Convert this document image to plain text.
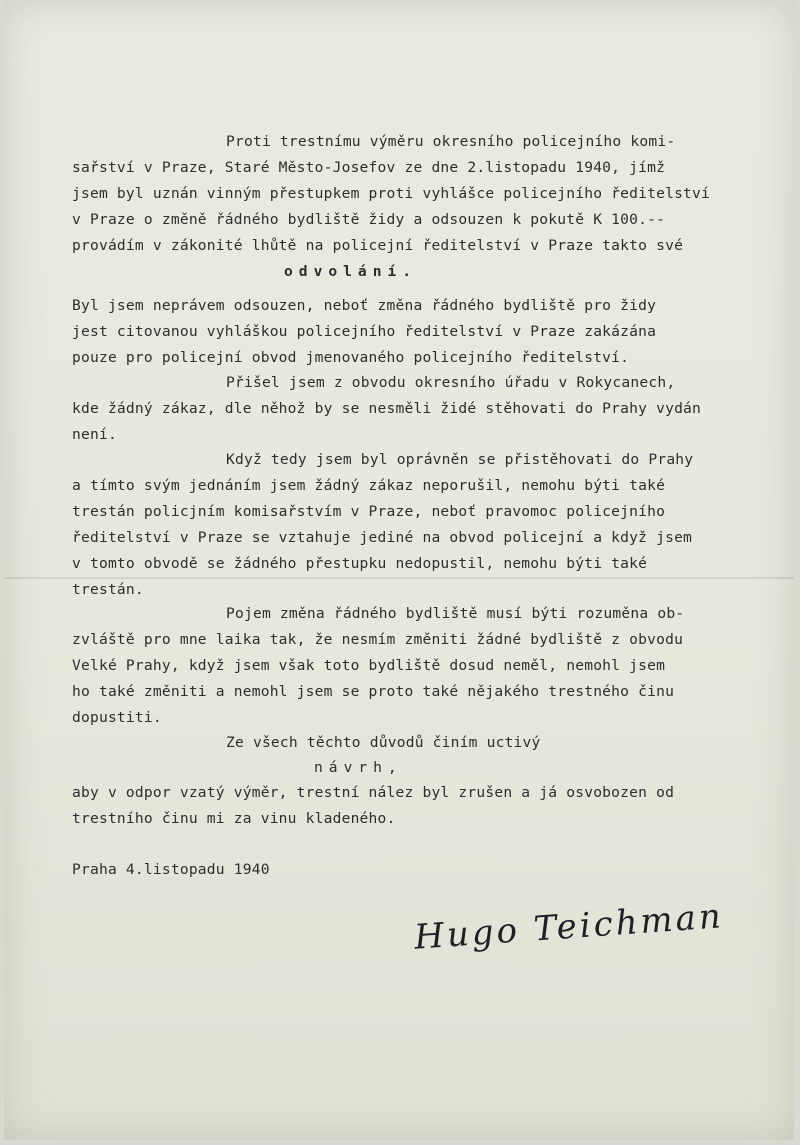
Proti trestnímu výměru okresního policejního komi-
sařství v Praze, Staré Město-Josefov ze dne 2.listopadu 1940, jímž
jsem byl uznán vinným přestupkem proti vyhlášce policejního ředitelství
v Praze o změně řádného bydliště židy a odsouzen k pokutě K 100.--
provádím v zákonité lhůtě na policejní ředitelství v Praze takto své
odvolání.
Byl jsem neprávem odsouzen, neboť změna řádného bydliště pro židy
jest citovanou vyhláškou policejního ředitelství v Praze zakázána
pouze pro policejní obvod jmenovaného policejního ředitelství.
Přišel jsem z obvodu okresního úřadu v Rokycanech,
kde žádný zákaz, dle něhož by se nesměli židé stěhovati do Prahy vydán
není.
Když tedy jsem byl oprávněn se přistěhovati do Prahy
a tímto svým jednáním jsem žádný zákaz neporušil, nemohu býti také
trestán policjním komisařstvím v Praze, neboť pravomoc policejního
ředitelství v Praze se vztahuje jediné na obvod policejní a když jsem
v tomto obvodě se žádného přestupku nedopustil, nemohu býti také
trestán.
Pojem změna řádného bydliště musí býti rozuměna ob-
zvláště pro mne laika tak, že nesmím změniti žádné bydliště z obvodu
Velké Prahy, když jsem však toto bydliště dosud neměl, nemohl jsem
ho také změniti a nemohl jsem se proto také nějakého trestného činu
dopustiti.
Ze všech těchto důvodů činím uctivý
návrh,
aby v odpor vzatý výměr, trestní nález byl zrušen a já osvobozen od
trestního činu mi za vinu kladeného.
Praha 4.listopadu 1940
Hugo Teichman
